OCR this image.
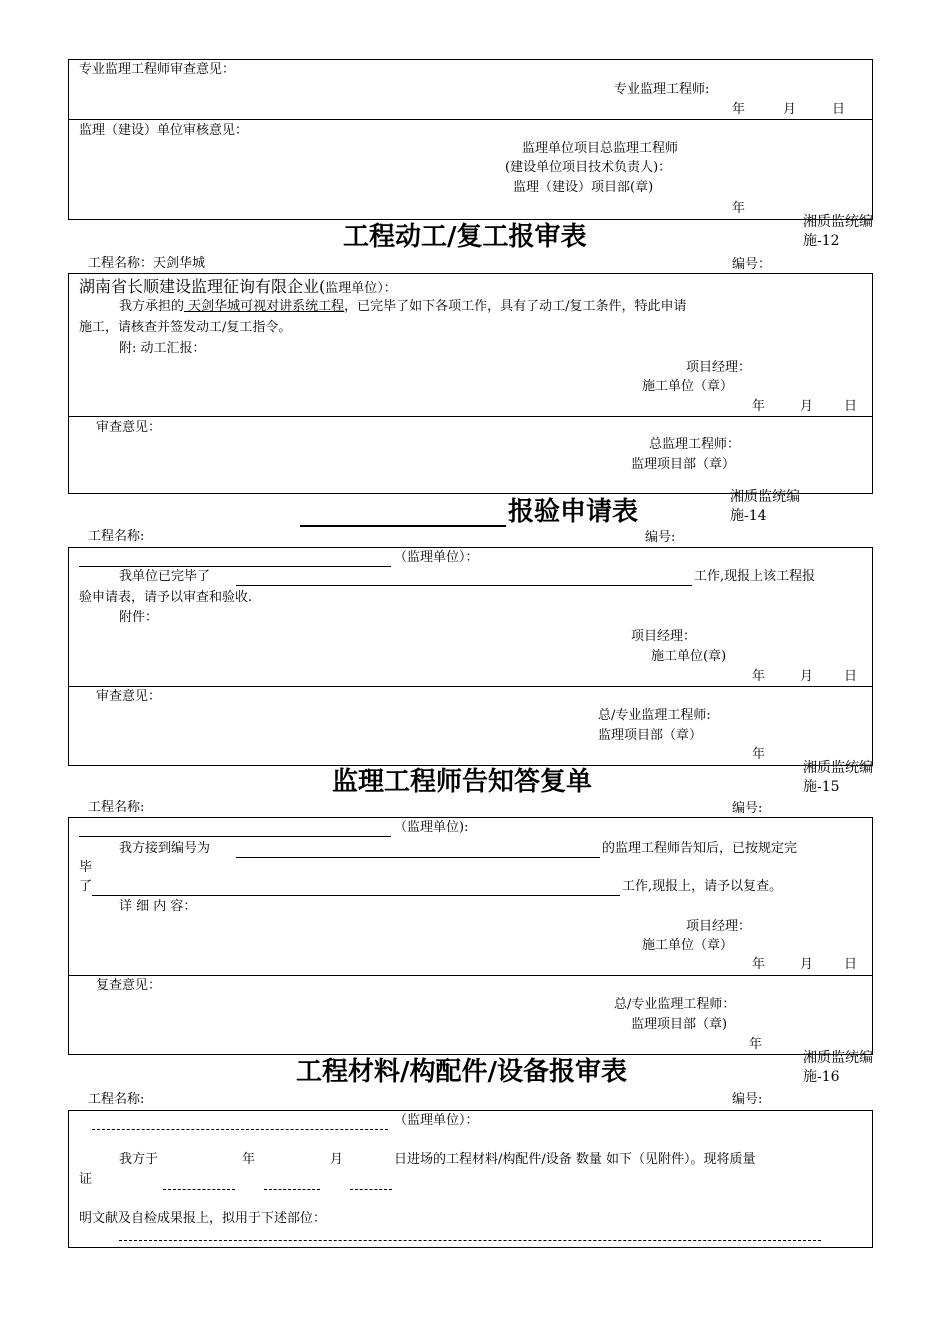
专业监理工程师审查意见：
专业监理工程师:
年	月	日
监理（建设）单位审核意见：
监理单位项目总监理工程师
(建设单位项目技术负责人)：
监理（建设）项目部(章)
年
湘质监统编
施-12
工程动工/复工报审表
工程名称：天剑华城	编号：
湖南省长顺建设监理征询有限企业(监理单位）：
我方承担的 天剑华城可视对讲系统工程，已完毕了如下各项工作，具有了动工/复工条件，特此申请
施工，请核查并签发动工/复工指令。
附: 动工汇报：
项目经理：
施工单位（章）
年	月 日
审查意见：
总监理工程师：
监理项目部（章）
湘质监统编
施-14
报验申请表
工程名称:	编号:
（监理单位）：
我单位已完毕了	工作,现报上该工程报
验申请表，请予以审查和验收.
附件：
项目经理：
施工单位(章)
年	月 日
审查意见：
总/专业监理工程师:
监理项目部（章）
年
湘质监统编
施-15
监理工程师告知答复单
工程名称:	编号:
（监理单位):
我方接到编号为	的监理工程师告知后，已按规定完
毕
了	工作,现报上，请予以复查。
详 细 内 容：
项目经理：
施工单位（章）
年	月 日
复查意见：
总/专业监理工程师：
监理项目部（章)
年
湘质监统编
施-16
工程材料/构配件/设备报审表
工程名称:	编号:
（监理单位）：
我方于	年	月	日进场的工程材料/构配件/设备 数量 如下（见附件）。现将质量
证
明文献及自检成果报上，拟用于下述部位：
